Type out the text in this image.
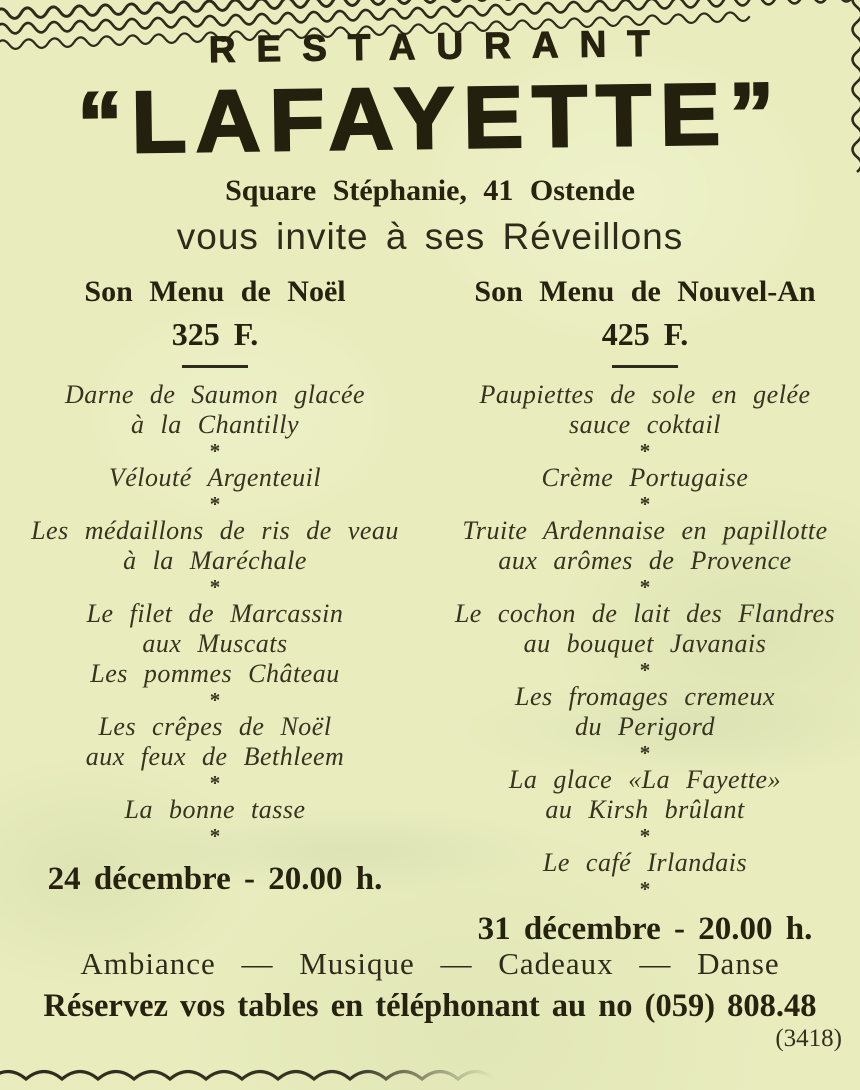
RESTAURANT
“LAFAYETTE”
Square Stéphanie, 41 Ostende
vous invite à ses Réveillons
Son Menu de Noël
325 F.
Darne de Saumon glacée
à la Chantilly
*
Vélouté Argenteuil
*
Les médaillons de ris de veau
à la Maréchale
*
Le filet de Marcassin
aux Muscats
Les pommes Château
*
Les crêpes de Noël
aux feux de Bethleem
*
La bonne tasse
*
24 décembre - 20.00 h.
Son Menu de Nouvel-An
425 F.
Paupiettes de sole en gelée
sauce coktail
*
Crème Portugaise
*
Truite Ardennaise en papillotte
aux arômes de Provence
*
Le cochon de lait des Flandres
au bouquet Javanais
*
Les fromages cremeux
du Perigord
*
La glace «La Fayette»
au Kirsh brûlant
*
Le café Irlandais
*
31 décembre - 20.00 h.
Ambiance — Musique — Cadeaux — Danse
Réservez vos tables en téléphonant au no (059) 808.48
(3418)
